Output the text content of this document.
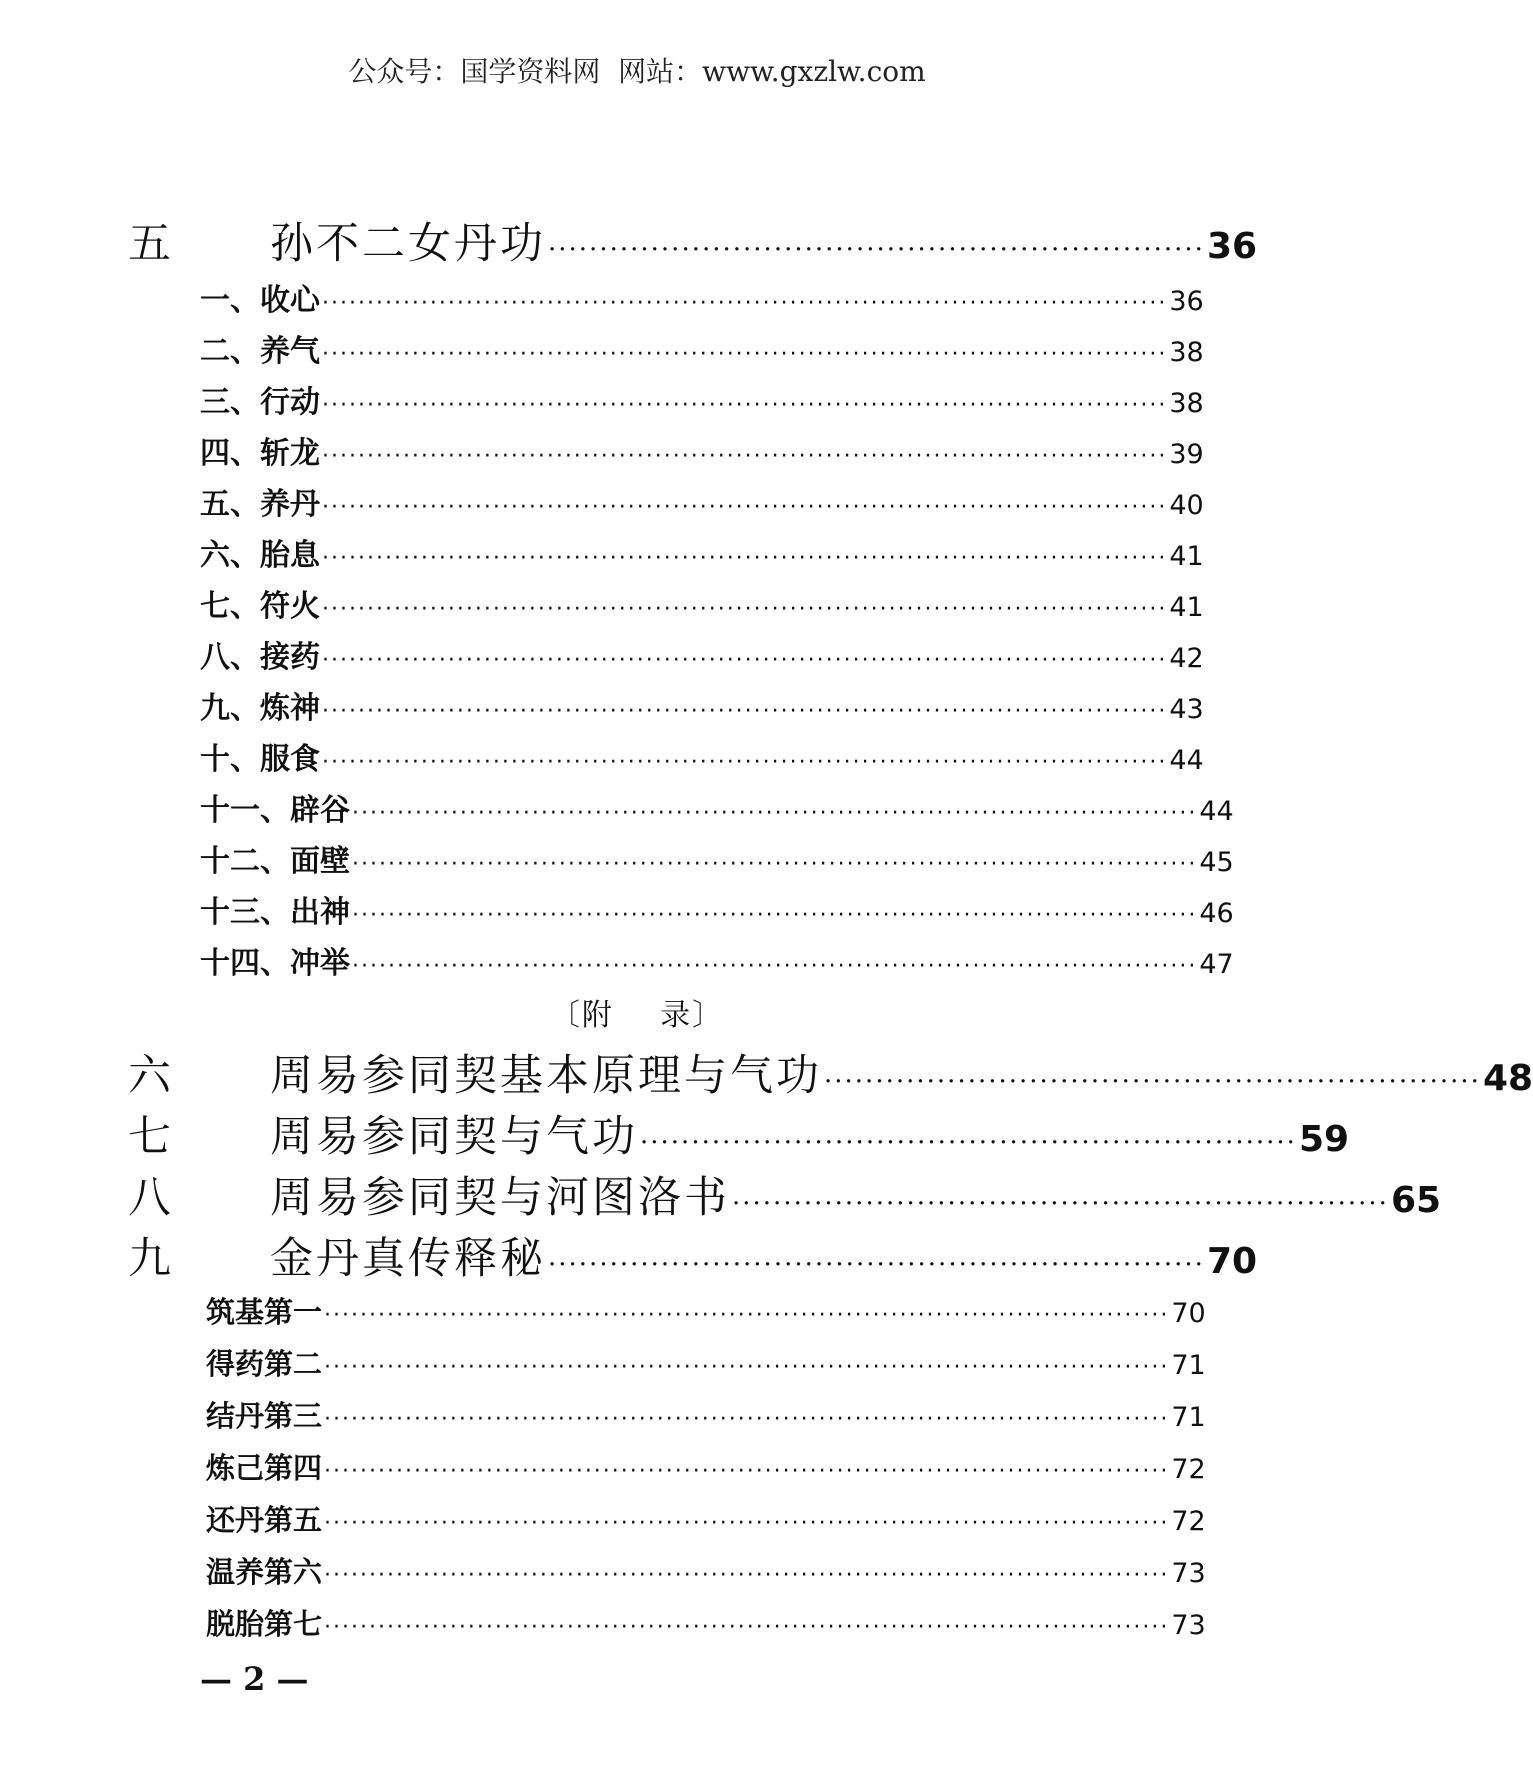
公众号：国学资料网  网站：www.gxzlw.com
五	孙不二女丹功 ································································ 36
一、收心 ······························································································ 36
二、养气 ······························································································ 38
三、行动 ······························································································ 38
四、斩龙 ······························································································ 39
五、养丹 ······························································································ 40
六、胎息 ······························································································ 41
七、符火 ······························································································ 41
八、接药 ······························································································ 42
九、炼神 ······························································································ 43
十、服食 ······························································································ 44
十一、辟谷 ······························································································ 44
十二、面壁 ······························································································ 45
十三、出神 ······························································································ 46
十四、冲举 ······························································································ 47
〔附    录〕
六	周易参同契基本原理与气功 ································································ 48
七	周易参同契与气功 ································································ 59
八	周易参同契与河图洛书 ································································ 65
九	金丹真传释秘 ································································ 70
筑基第一 ······························································································ 70
得药第二 ······························································································ 71
结丹第三 ······························································································ 71
炼己第四 ······························································································ 72
还丹第五 ······························································································ 72
温养第六 ······························································································ 73
脱胎第七 ······························································································ 73
— 2 —
